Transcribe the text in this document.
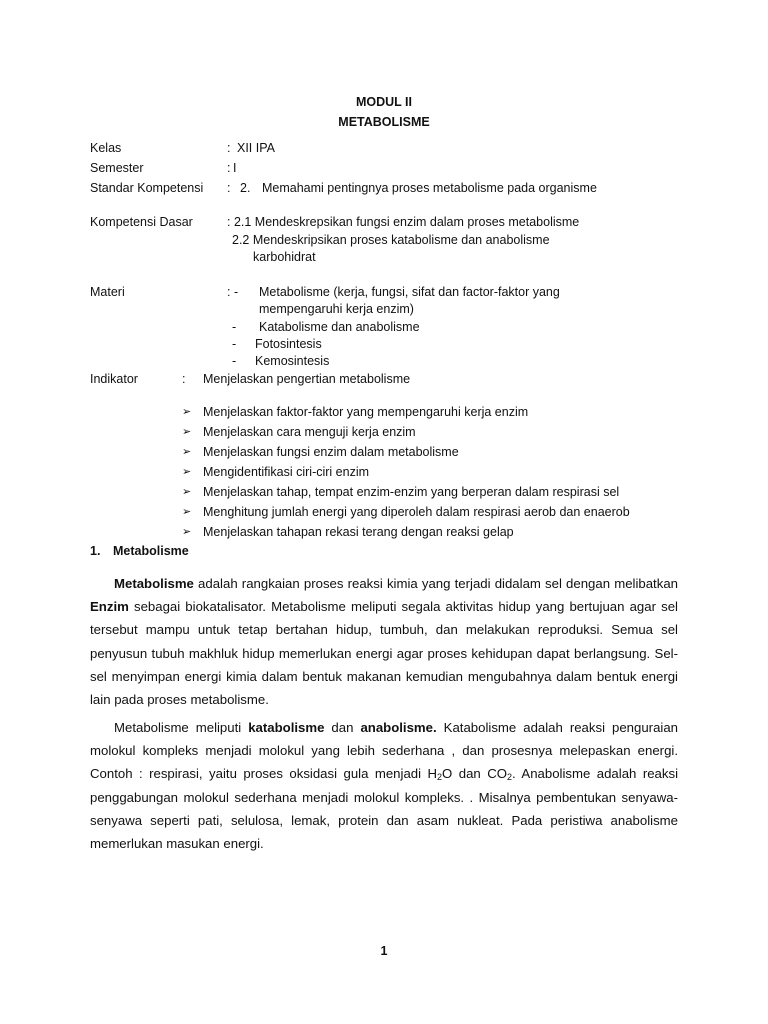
MODUL II
METABOLISME
Kelas	: XII IPA
Semester	: I
Standar Kompetensi : 2. Memahami pentingnya proses metabolisme pada organisme
Kompetensi Dasar	: 2.1 Mendeskrepsikan fungsi enzim dalam proses metabolisme
2.2 Mendeskripsikan proses katabolisme dan anabolisme
karbohidrat
Materi	: - Metabolisme (kerja, fungsi, sifat dan factor-faktor yang
mempengaruhi kerja enzim)
- Katabolisme dan anabolisme
- Fotosintesis
- Kemosintesis
Indikator	: Menjelaskan pengertian metabolisme
➢ Menjelaskan faktor-faktor yang mempengaruhi kerja enzim
➢ Menjelaskan cara menguji kerja enzim
➢ Menjelaskan fungsi enzim dalam metabolisme
➢ Mengidentifikasi ciri-ciri enzim
➢ Menjelaskan tahap, tempat enzim-enzim yang berperan dalam respirasi sel
➢ Menghitung jumlah energi yang diperoleh dalam respirasi aerob dan enaerob
➢ Menjelaskan tahapan rekasi terang dengan reaksi gelap
1. Metabolisme
Metabolisme adalah rangkaian proses reaksi kimia yang terjadi didalam sel dengan melibatkan Enzim sebagai biokatalisator. Metabolisme meliputi segala aktivitas hidup yang bertujuan agar sel tersebut mampu untuk tetap bertahan hidup, tumbuh, dan melakukan reproduksi. Semua sel penyusun tubuh makhluk hidup memerlukan energi agar proses kehidupan dapat berlangsung. Sel-sel menyimpan energi kimia dalam bentuk makanan kemudian mengubahnya dalam bentuk energi lain pada proses metabolisme.
Metabolisme meliputi katabolisme dan anabolisme. Katabolisme adalah reaksi penguraian molokul kompleks menjadi molokul yang lebih sederhana , dan prosesnya melepaskan energi. Contoh : respirasi, yaitu proses oksidasi gula menjadi $H_2O$ dan $CO_2$. Anabolisme adalah reaksi penggabungan molokul sederhana menjadi molokul kompleks. . Misalnya pembentukan senyawa-senyawa seperti pati, selulosa, lemak, protein dan asam nukleat. Pada peristiwa anabolisme memerlukan masukan energi.
1
